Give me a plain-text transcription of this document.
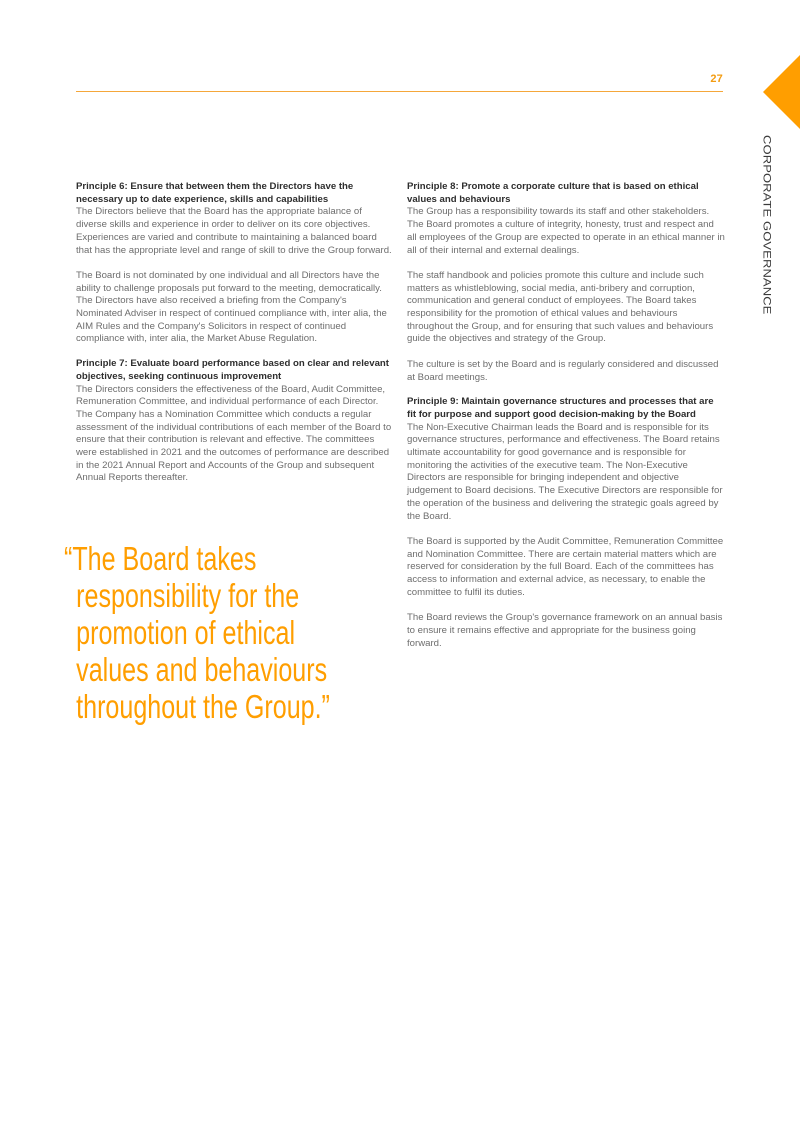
27
CORPORATE GOVERNANCE

Principle 6: Ensure that between them the Directors have the necessary up to date experience, skills and capabilities

The Directors believe that the Board has the appropriate balance of diverse skills and experience in order to deliver on its core objectives. Experiences are varied and contribute to maintaining a balanced board that has the appropriate level and range of skill to drive the Group forward.

The Board is not dominated by one individual and all Directors have the ability to challenge proposals put forward to the meeting, democratically. The Directors have also received a briefing from the Company's Nominated Adviser in respect of continued compliance with, inter alia, the AIM Rules and the Company's Solicitors in respect of continued compliance with, inter alia, the Market Abuse Regulation.

Principle 7: Evaluate board performance based on clear and relevant objectives, seeking continuous improvement

The Directors considers the effectiveness of the Board, Audit Committee, Remuneration Committee, and individual performance of each Director. The Company has a Nomination Committee which conducts a regular assessment of the individual contributions of each member of the Board to ensure that their contribution is relevant and effective. The committees were established in 2021 and the outcomes of performance are described in the 2021 Annual Report and Accounts of the Group and subsequent Annual Reports thereafter.

“The Board takes
responsibility for the
promotion of ethical
values and behaviours
throughout the Group.”

Principle 8: Promote a corporate culture that is based on ethical values and behaviours

The Group has a responsibility towards its staff and other stakeholders. The Board promotes a culture of integrity, honesty, trust and respect and all employees of the Group are expected to operate in an ethical manner in all of their internal and external dealings.

The staff handbook and policies promote this culture and include such matters as whistleblowing, social media, anti-bribery and corruption, communication and general conduct of employees. The Board takes responsibility for the promotion of ethical values and behaviours throughout the Group, and for ensuring that such values and behaviours guide the objectives and strategy of the Group.

The culture is set by the Board and is regularly considered and discussed at Board meetings.

Principle 9: Maintain governance structures and processes that are fit for purpose and support good decision-making by the Board

The Non-Executive Chairman leads the Board and is responsible for its governance structures, performance and effectiveness. The Board retains ultimate accountability for good governance and is responsible for monitoring the activities of the executive team. The Non-Executive Directors are responsible for bringing independent and objective judgement to Board decisions. The Executive Directors are responsible for the operation of the business and delivering the strategic goals agreed by the Board.

The Board is supported by the Audit Committee, Remuneration Committee and Nomination Committee. There are certain material matters which are reserved for consideration by the full Board. Each of the committees has access to information and external advice, as necessary, to enable the committee to fulfil its duties.

The Board reviews the Group's governance framework on an annual basis to ensure it remains effective and appropriate for the business going forward.
